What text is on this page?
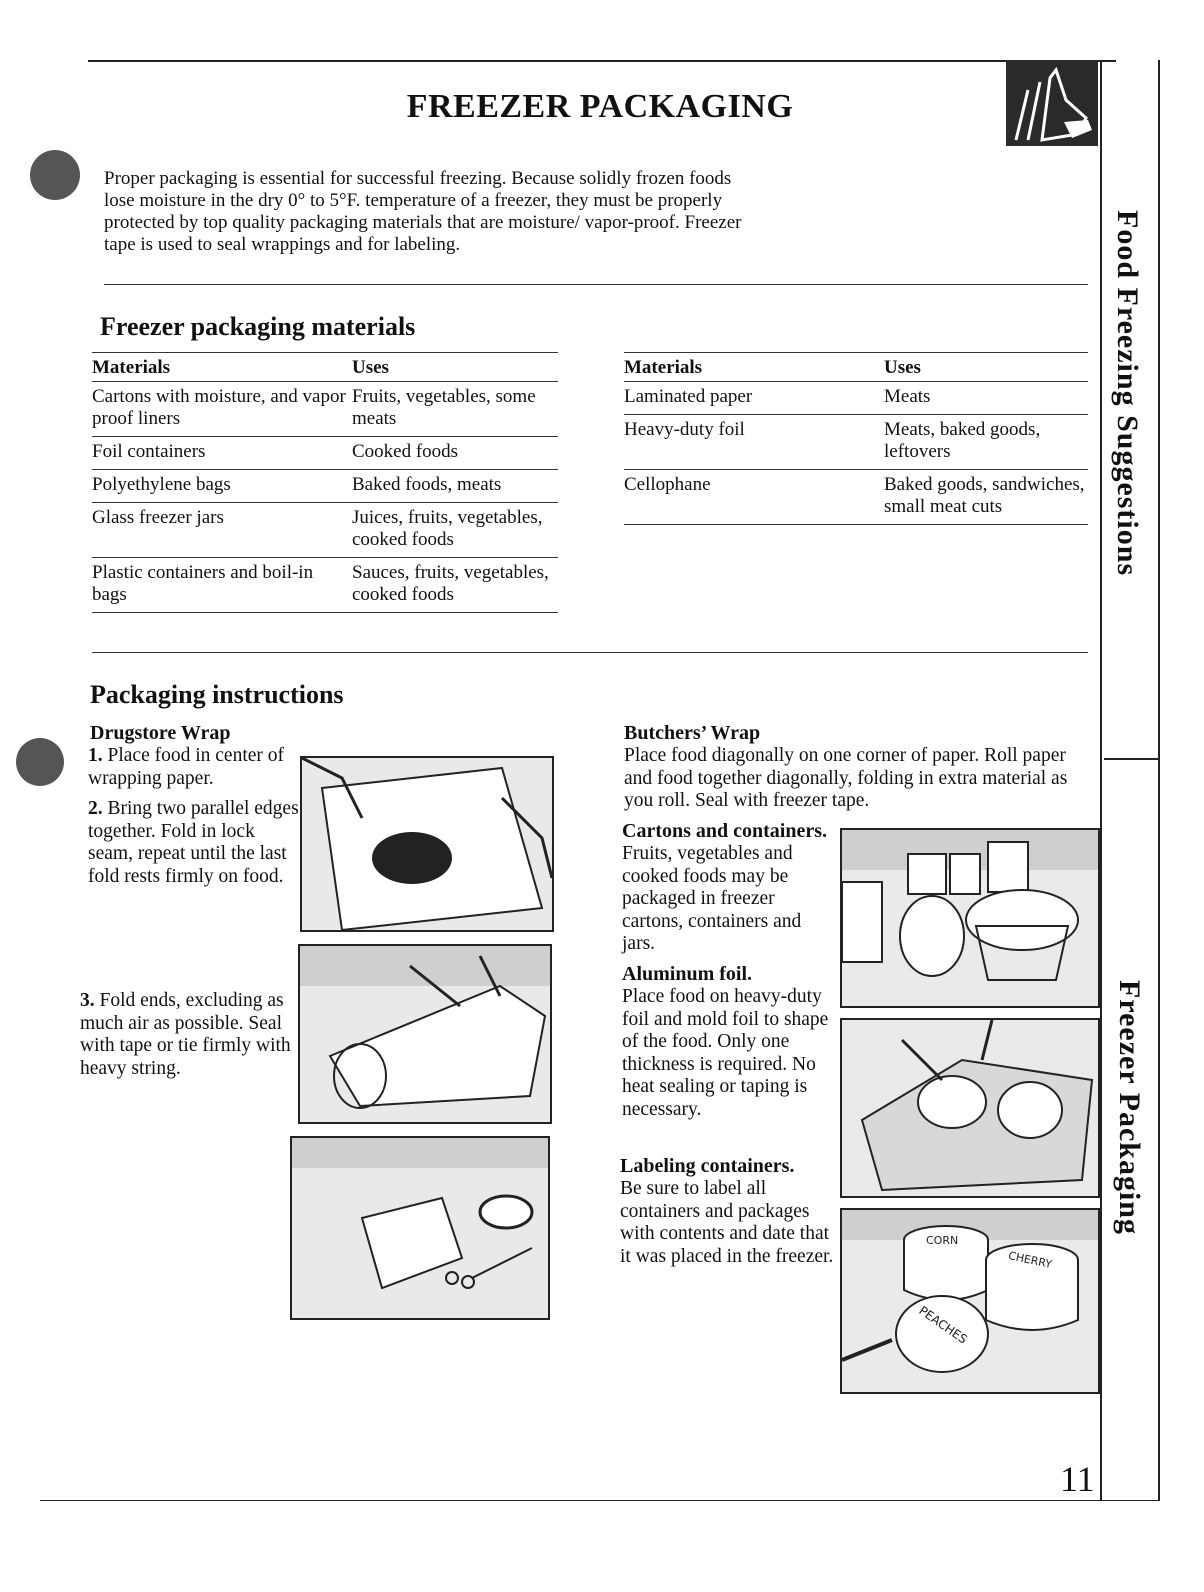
Food Freezing Suggestions
Freezer Packaging
FREEZER PACKAGING
Proper packaging is essential for successful freezing. Because solidly frozen foods lose moisture in the dry 0° to 5°F. temperature of a freezer, they must be properly protected by top quality packaging materials that are moisture/ vapor-proof. Freezer tape is used to seal wrappings and for labeling.
Freezer packaging materials
Materials	Uses
Cartons with moisture, and vapor proof liners	Fruits, vegetables, some meats
Foil containers	Cooked foods
Polyethylene bags	Baked foods, meats
Glass freezer jars	Juices, fruits, vegetables, cooked foods
Plastic containers and boil-in bags	Sauces, fruits, vegetables, cooked foods
Materials	Uses
Laminated paper	Meats
Heavy-duty foil	Meats, baked goods, leftovers
Cellophane	Baked goods, sandwiches, small meat cuts
Packaging instructions
Drugstore Wrap
1. Place food in center of wrapping paper.
2. Bring two parallel edges together. Fold in lock seam, repeat until the last fold rests firmly on food.
3. Fold ends, excluding as much air as possible. Seal with tape or tie firmly with heavy string.
Butchers’ Wrap
Place food diagonally on one corner of paper. Roll paper and food together diagonally, folding in extra material as you roll. Seal with freezer tape.
Cartons and containers.
Fruits, vegetables and cooked foods may be packaged in freezer cartons, containers and jars.
Aluminum foil.
Place food on heavy-duty foil and mold foil to shape of the food. Only one thickness is required. No heat sealing or taping is necessary.
Labeling containers.
Be sure to label all containers and packages with contents and date that it was placed in the freezer.
CORN
CHERRY
PEACHES
11
